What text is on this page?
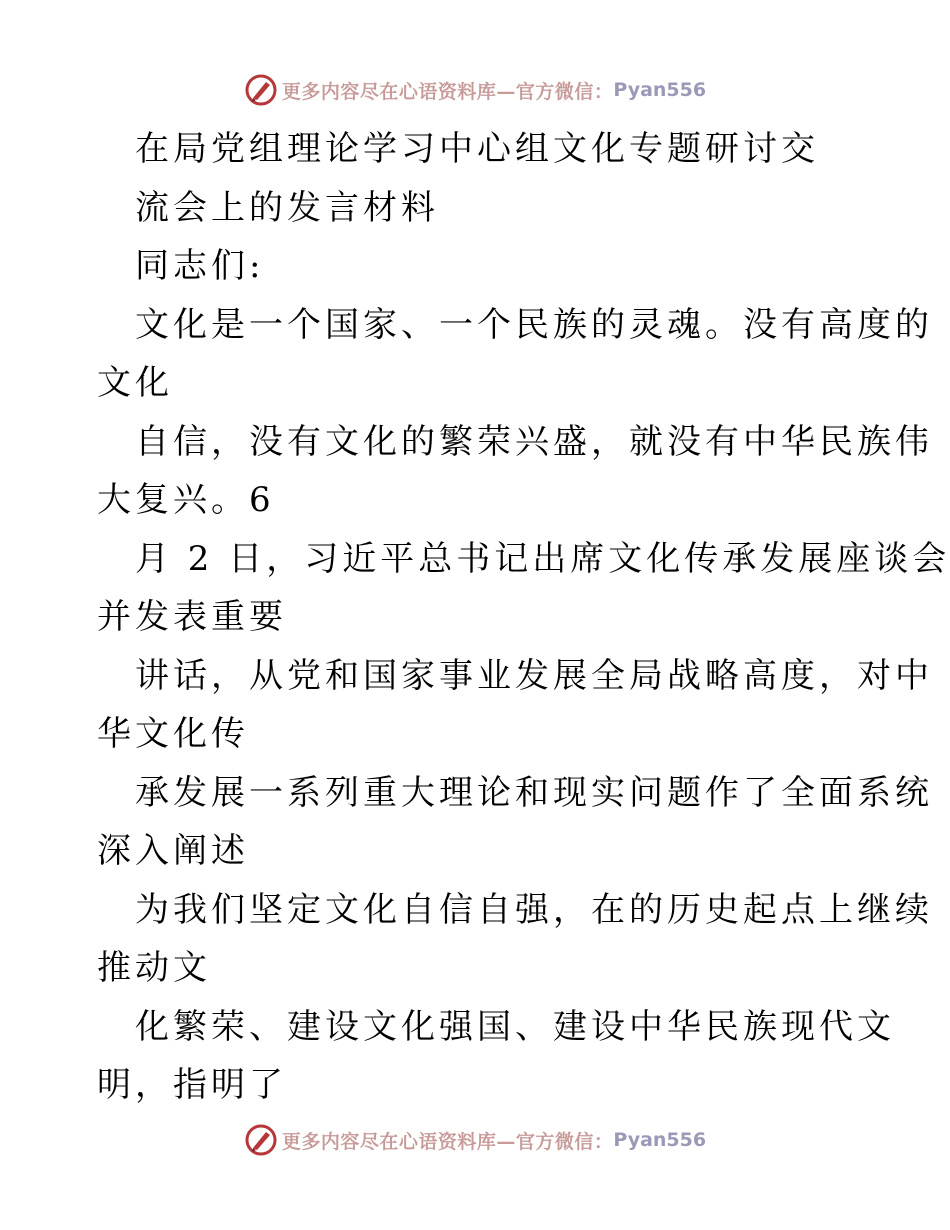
更多内容尽在心语资料库—官方微信： Pyan556
在局党组理论学习中心组文化专题研讨交
流会上的发言材料
同志们:
文化是一个国家、一个民族的灵魂。没有高度的
文化
自信，没有文化的繁荣兴盛，就没有中华民族伟
大复兴。6
月 2 日，习近平总书记出席文化传承发展座谈会
并发表重要
讲话，从党和国家事业发展全局战略高度，对中
华文化传
承发展一系列重大理论和现实问题作了全面系统
深入阐述
为我们坚定文化自信自强，在的历史起点上继续
推动文
化繁荣、建设文化强国、建设中华民族现代文
明，指明了
更多内容尽在心语资料库—官方微信： Pyan556
